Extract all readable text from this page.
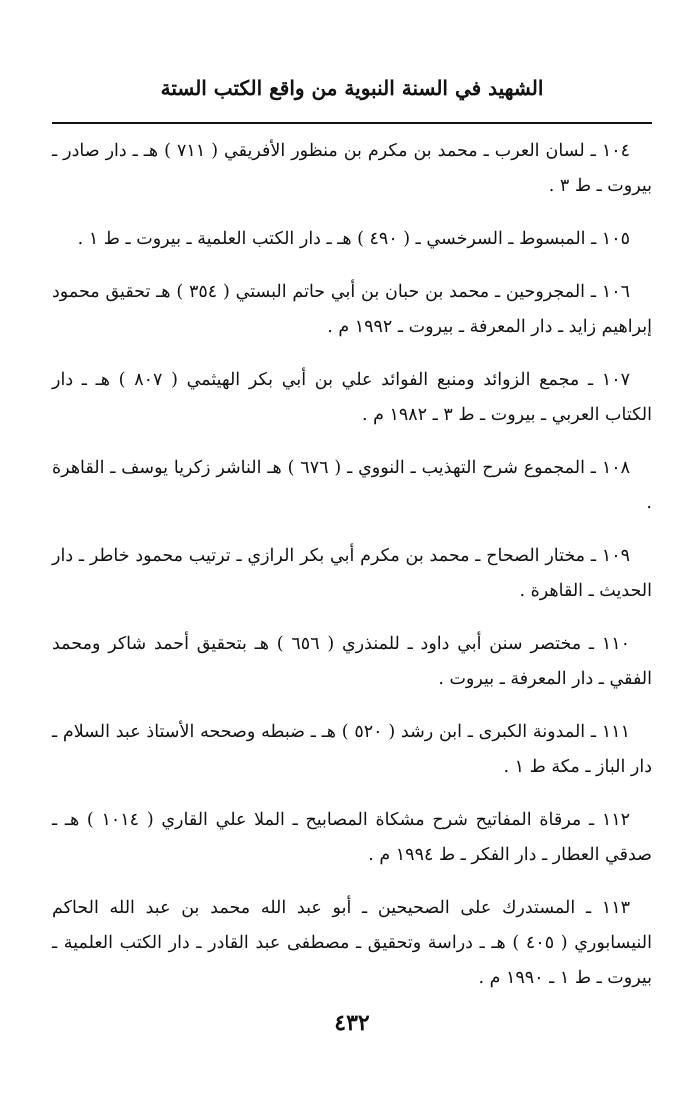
الشهيد في السنة النبوية من واقع الكتب الستة

١٠٤ ـ لسان العرب ـ محمد بن مكرم بن منظور الأفريقي ( ٧١١ ) هـ ـ دار صادر ـ بيروت ـ ط ٣ .

١٠٥ ـ المبسوط ـ السرخسي ـ ( ٤٩٠ ) هـ ـ دار الكتب العلمية ـ بيروت ـ ط ١ .

١٠٦ ـ المجروحين ـ محمد بن حبان بن أبي حاتم البستي ( ٣٥٤ ) هـ تحقيق محمود إبراهيم زايد ـ دار المعرفة ـ بيروت ـ ١٩٩٢ م .

١٠٧ ـ مجمع الزوائد ومنبع الفوائد علي بن أبي بكر الهيثمي ( ٨٠٧ ) هـ ـ دار الكتاب العربي ـ بيروت ـ ط ٣ ـ ١٩٨٢ م .

١٠٨ ـ المجموع شرح التهذيب ـ النووي ـ ( ٦٧٦ ) هـ الناشر زكريا يوسف ـ القاهرة .

١٠٩ ـ مختار الصحاح ـ محمد بن مكرم أبي بكر الرازي ـ ترتيب محمود خاطر ـ دار الحديث ـ القاهرة .

١١٠ ـ مختصر سنن أبي داود ـ للمنذري ( ٦٥٦ ) هـ بتحقيق أحمد شاكر ومحمد الفقي ـ دار المعرفة ـ بيروت .

١١١ ـ المدونة الكبرى ـ ابن رشد ( ٥٢٠ ) هـ ـ ضبطه وصححه الأستاذ عبد السلام ـ دار الباز ـ مكة ط ١ .

١١٢ ـ مرقاة المفاتيح شرح مشكاة المصابيح ـ الملا علي القاري ( ١٠١٤ ) هـ ـ صدقي العطار ـ دار الفكر ـ ط ١٩٩٤ م .

١١٣ ـ المستدرك على الصحيحين ـ أبو عبد الله محمد بن عبد الله الحاكم النيسابوري ( ٤٠٥ ) هـ ـ دراسة وتحقيق ـ مصطفى عبد القادر ـ دار الكتب العلمية ـ بيروت ـ ط ١ ـ ١٩٩٠ م .

٤٣٢
